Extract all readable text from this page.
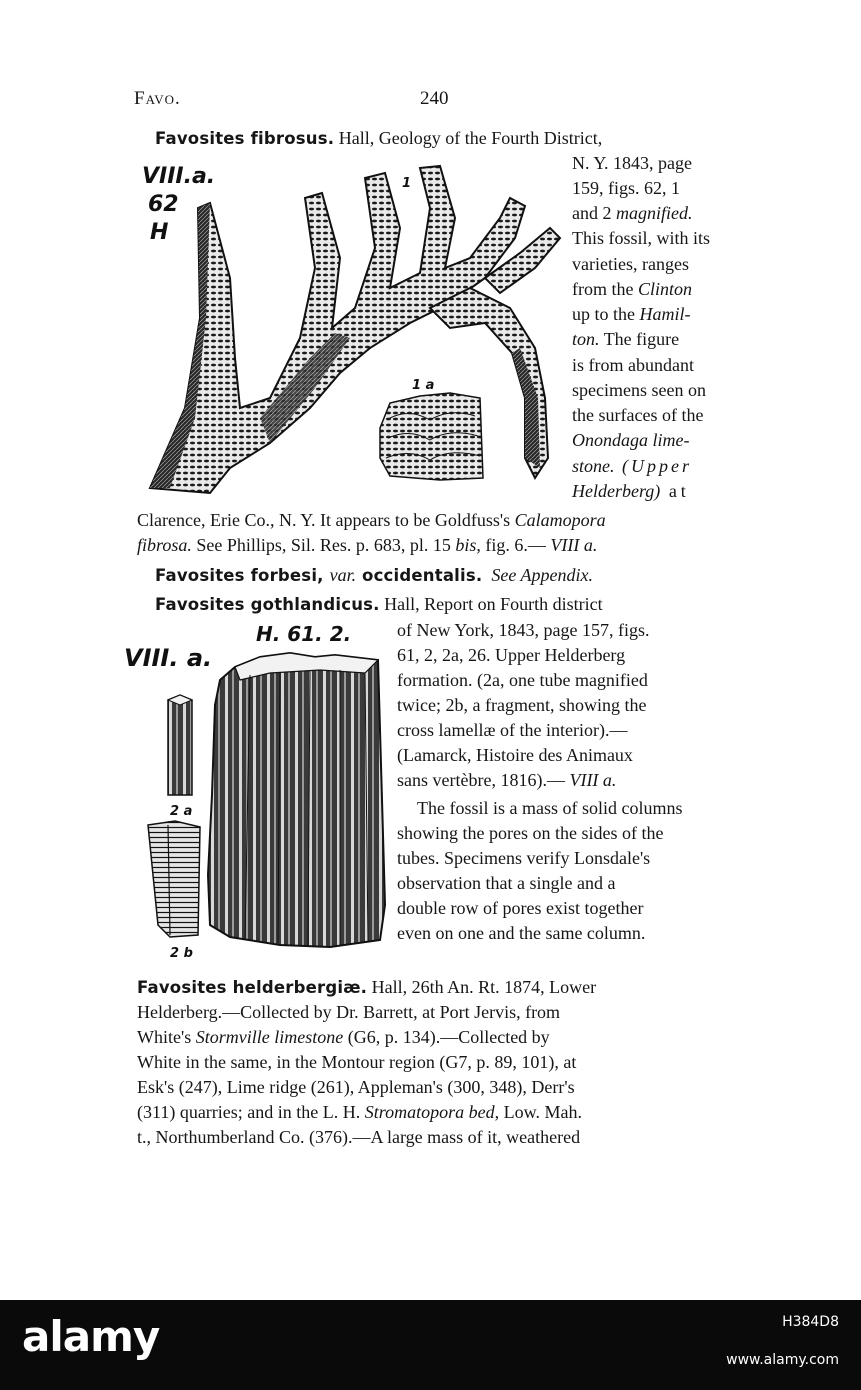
Favo.	240
Favosites fibrosus. Hall, Geology of the Fourth District,
N. Y. 1843, page
159, figs. 62, 1
and 2 magnified.
This fossil, with its
varieties, ranges
from the Clinton
up to the Hamil-
ton. The figure
is from abundant
specimens seen on
the surfaces of the
Onondaga lime-
stone. (Upper
Helderberg) at
Clarence, Erie Co., N. Y. It appears to be Goldfuss's Calamopora
fibrosa. See Phillips, Sil. Res. p. 683, pl. 15 bis, fig. 6.— VIII a.
VIII.a.
62
H
1
1 a
Favosites forbesi, var. occidentalis. See Appendix.
Favosites gothlandicus. Hall, Report on Fourth district
of New York, 1843, page 157, figs.
61, 2, 2a, 26. Upper Helderberg
formation. (2a, one tube magnified
twice; 2b, a fragment, showing the
cross lamellæ of the interior).—
(Lamarck, Histoire des Animaux
sans vertèbre, 1816).— VIII a.
The fossil is a mass of solid columns
showing the pores on the sides of the
tubes. Specimens verify Lonsdale's
observation that a single and a
double row of pores exist together
even on one and the same column.
H. 61. 2.
VIII. a.
2 a
2 b
Favosites helderbergiæ. Hall, 26th An. Rt. 1874, Lower
Helderberg.—Collected by Dr. Barrett, at Port Jervis, from
White's Stormville limestone (G6, p. 134).—Collected by
White in the same, in the Montour region (G7, p. 89, 101), at
Esk's (247), Lime ridge (261), Appleman's (300, 348), Derr's
(311) quarries; and in the L. H. Stromatopora bed, Low. Mah.
t., Northumberland Co. (376).—A large mass of it, weathered
alamy	H384D8
www.alamy.com
